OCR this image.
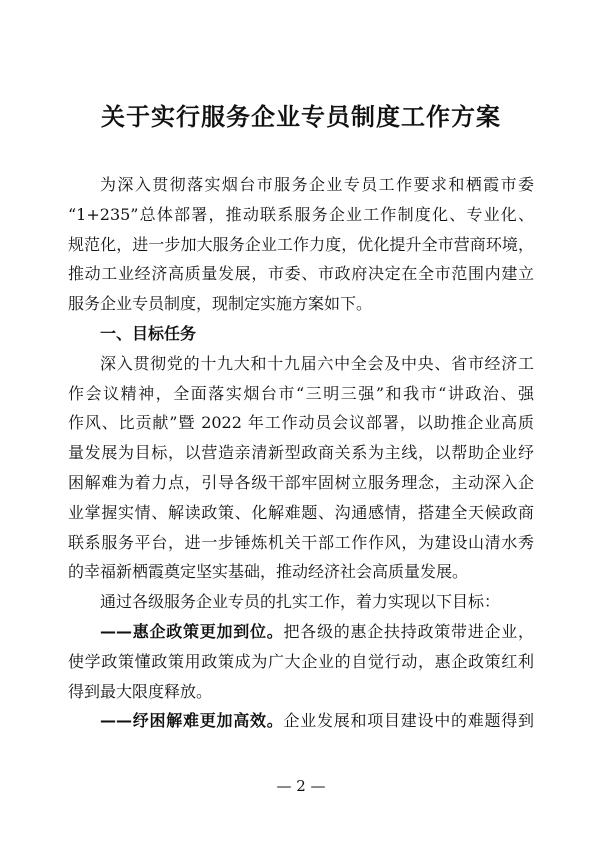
关于实行服务企业专员制度工作方案
为深入贯彻落实烟台市服务企业专员工作要求和栖霞市委
“1+235”总体部署，推动联系服务企业工作制度化、专业化、
规范化，进一步加大服务企业工作力度，优化提升全市营商环境，
推动工业经济高质量发展，市委、市政府决定在全市范围内建立
服务企业专员制度，现制定实施方案如下。
一、目标任务
深入贯彻党的十九大和十九届六中全会及中央、省市经济工
作会议精神，全面落实烟台市“三明三强”和我市“讲政治、强
作风、比贡献”暨 2022 年工作动员会议部署，以助推企业高质
量发展为目标，以营造亲清新型政商关系为主线，以帮助企业纾
困解难为着力点，引导各级干部牢固树立服务理念，主动深入企
业掌握实情、解读政策、化解难题、沟通感情，搭建全天候政商
联系服务平台，进一步锤炼机关干部工作作风，为建设山清水秀
的幸福新栖霞奠定坚实基础，推动经济社会高质量发展。
通过各级服务企业专员的扎实工作，着力实现以下目标：
——惠企政策更加到位。把各级的惠企扶持政策带进企业，
使学政策懂政策用政策成为广大企业的自觉行动，惠企政策红利
得到最大限度释放。
——纾困解难更加高效。企业发展和项目建设中的难题得到
— 2 —
